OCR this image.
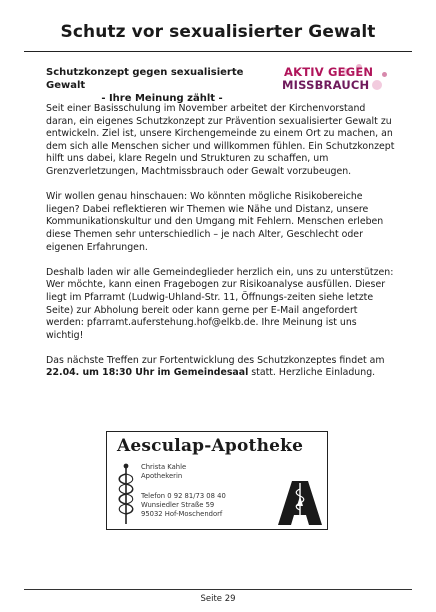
Schutz vor sexualisierter Gewalt
Schutzkonzept gegen sexualisierte Gewalt
- Ihre Meinung zählt -
AKTIV GEGEN
MISSBRAUCH

Seit einer Basisschulung im November arbeitet der Kirchenvorstand daran, ein eigenes Schutzkonzept zur Prävention sexualisierter Gewalt zu entwickeln. Ziel ist, unsere Kirchengemeinde zu einem Ort zu machen, an dem sich alle Menschen sicher und willkommen fühlen. Ein Schutzkonzept hilft uns dabei, klare Regeln und Strukturen zu schaffen, um Grenzverletzungen, Machtmissbrauch oder Gewalt vorzubeugen.

Wir wollen genau hinschauen: Wo könnten mögliche Risikobereiche liegen? Dabei reflektieren wir Themen wie Nähe und Distanz, unsere Kommunikationskultur und den Umgang mit Fehlern. Menschen erleben diese Themen sehr unterschiedlich – je nach Alter, Geschlecht oder eigenen Erfahrungen.

Deshalb laden wir alle Gemeindeglieder herzlich ein, uns zu unterstützen: Wer möchte, kann einen Fragebogen zur Risikoanalyse ausfüllen. Dieser liegt im Pfarramt (Ludwig-Uhland-Str. 11, Öffnungs-zeiten siehe letzte Seite) zur Abholung bereit oder kann gerne per E-Mail angefordert werden: pfarramt.auferstehung.hof@elkb.de. Ihre Meinung ist uns wichtig!

Das nächste Treffen zur Fortentwicklung des Schutzkonzeptes findet am 22.04. um 18:30 Uhr im Gemeindesaal statt. Herzliche Einladung.

Aesculap-Apotheke
Christa Kahle
Apothekerin
Telefon 0 92 81/73 08 40
Wunsiedler Straße 59
95032 Hof-Moschendorf
Seite 29
